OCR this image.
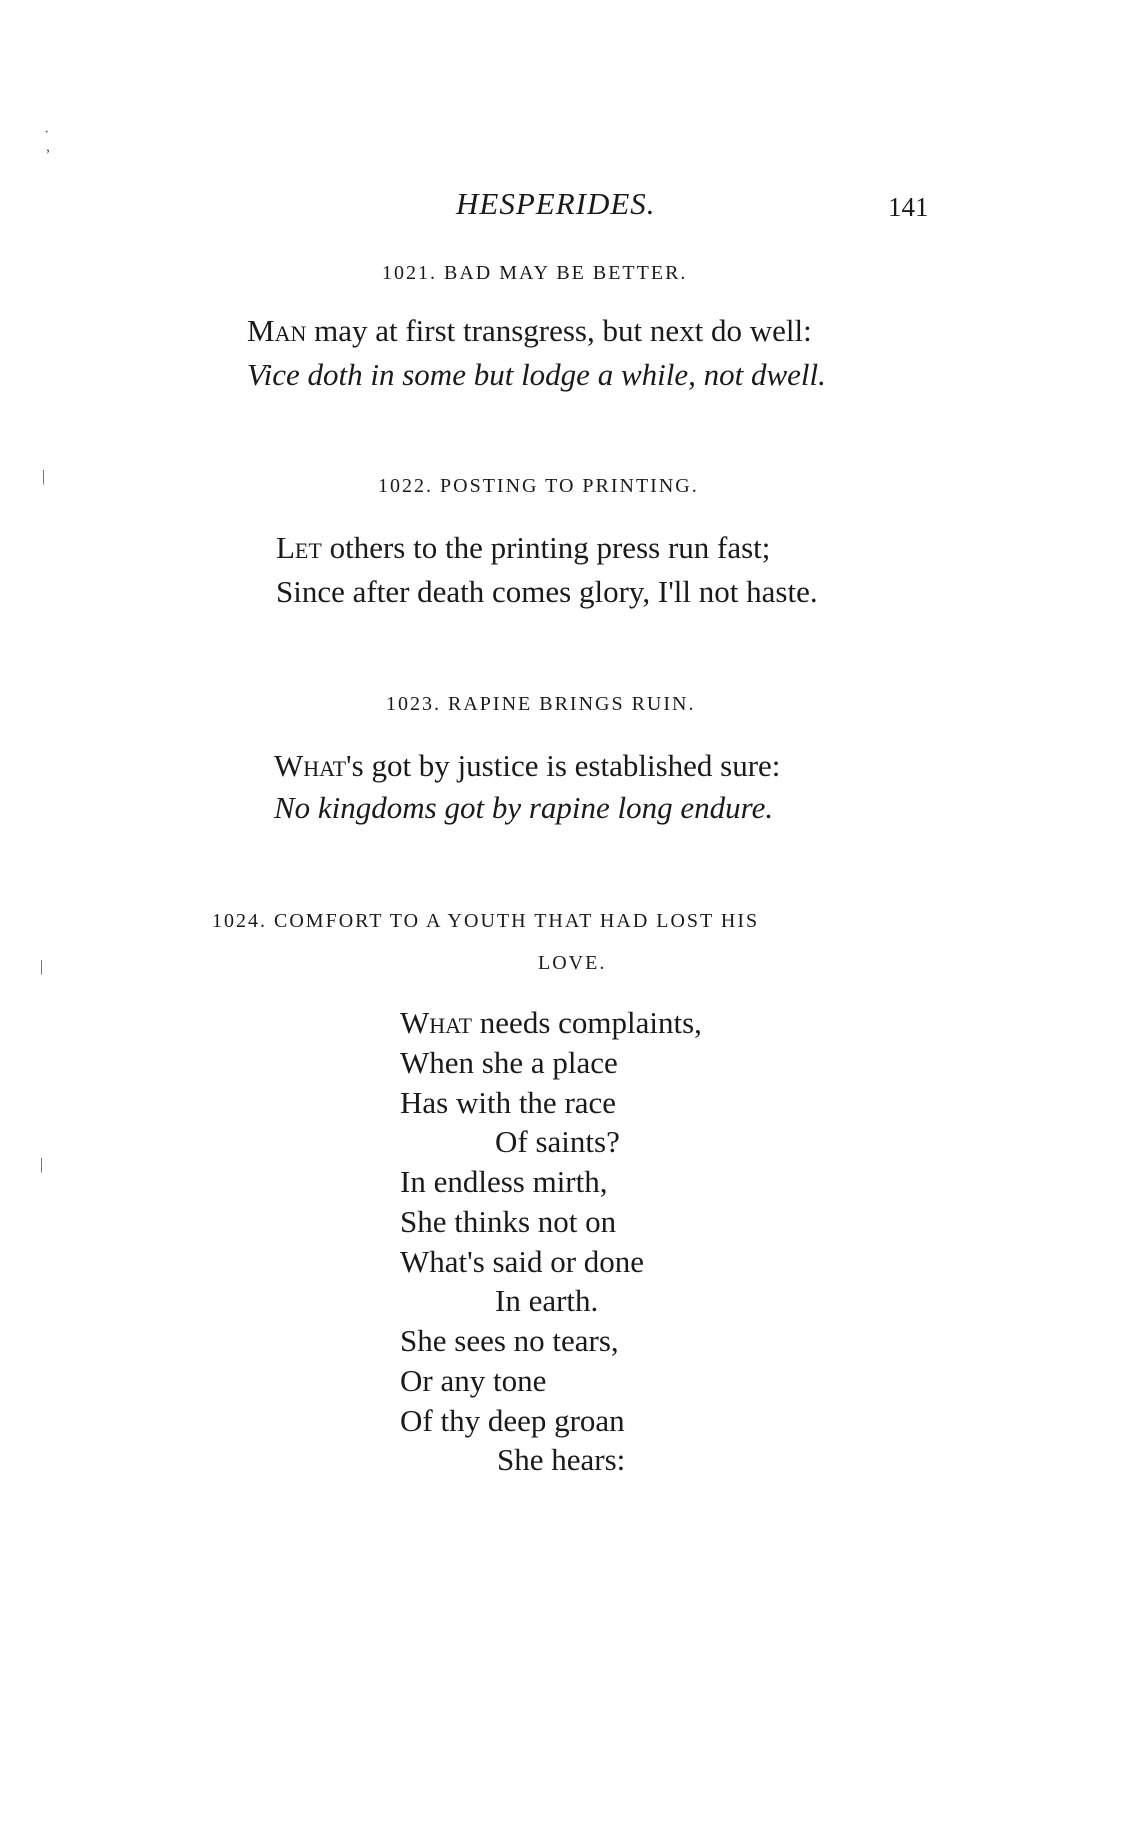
HESPERIDES.	141
·
,
|
|
|
1021. BAD MAY BE BETTER.
Man may at first transgress, but next do well:
Vice doth in some but lodge a while, not dwell.
1022. POSTING TO PRINTING.
Let others to the printing press run fast;
Since after death comes glory, I'll not haste.
1023. RAPINE BRINGS RUIN.
What's got by justice is established sure:
No kingdoms got by rapine long endure.
1024. COMFORT TO A YOUTH THAT HAD LOST HIS
LOVE.
What needs complaints,
When she a place
Has with the race
Of saints?
In endless mirth,
She thinks not on
What's said or done
In earth.
She sees no tears,
Or any tone
Of thy deep groan
She hears:
